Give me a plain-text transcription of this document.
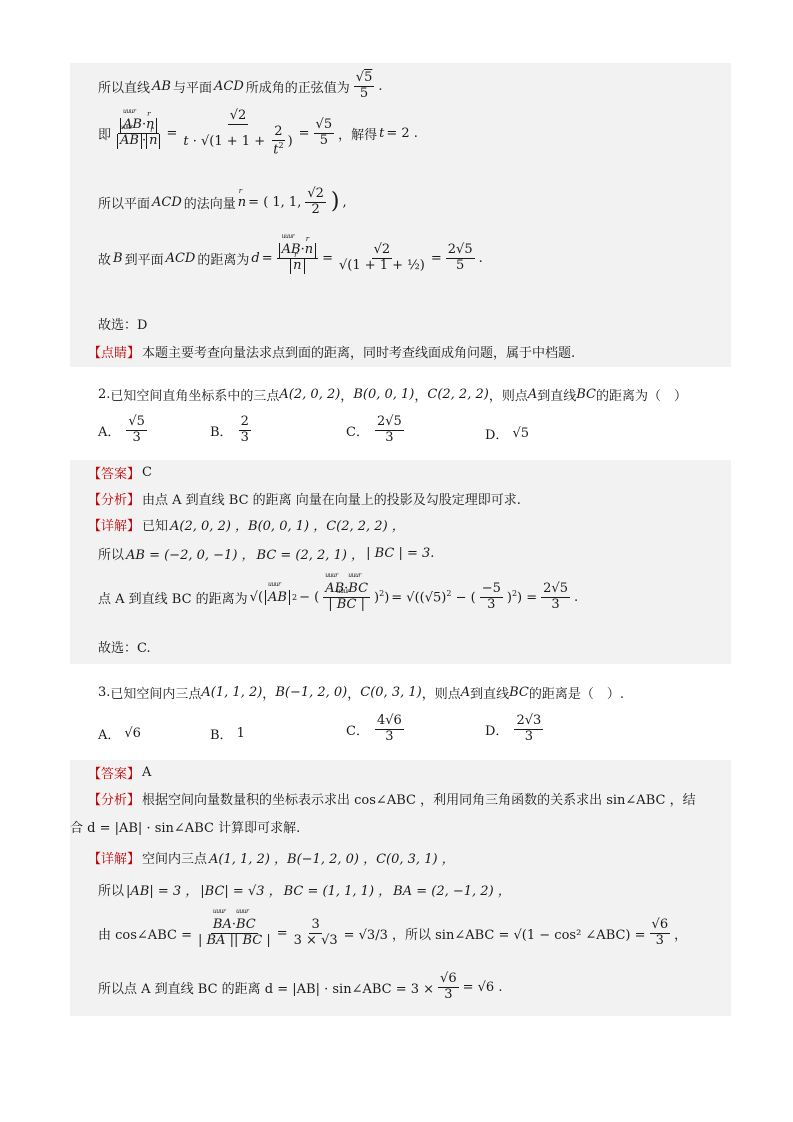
所以直线 AB 与平面 ACD 所成角的正弦值为 $\frac{√5}{5}$ .
即 uuur AB·r n
uuur AB · r $n = \frac{√2}{t \cdot √(1 + 1 + \frac{2}{t^2} )} = \frac{√5}{5}$ ，解得 t = 2 .
所以平面 ACD 的法向量 r n = ( 1, 1, $\frac{√2}{2}$ ) ,
故 B 到平面 ACD 的距离为 d = uuur AB·r n
r $n = \frac{√2}{\text{√(1 + 1 + ½)}} = \frac{2√5}{5}$ .
故选：D
【点睛】 本题主要考查向量法求点到面的距离，同时考查线面成角问题，属于中档题.
2. 已知空间直角坐标系中的三点 A(2, 0, 2) ， B(0, 0, 1) ， C(2, 2, 2) ，则点 A 到直线 BC 的距离为（　）
A． $\frac{√5}{3}$	B． $\frac{2}{3}$	C． $\frac{2√5}{3}$	D． √5
【答案】 C
【分析】 由点 A 到直线 BC 的距离 向量在向量上的投影及勾股定理即可求.
【详解】 已知 A(2, 0, 2) ，B(0, 0, 1) ，C(2, 2, 2) ，
所以 AB = (−2, 0, −1) ， BC = (2, 2, 1) ， | BC | = 3.
点 A 到直线 BC 的距离为 √( uuur AB 2 − ( uuur $\frac{\text{AB·uuur BC}}{\text{| uuur BC |}} )^2) = √((√5)^2$ − ( $\frac{-5}{3} )^2) = \frac{2√5}{3}$ .
故选：C.
3. 已知空间内三点 A(1, 1, 2) ， B(−1, 2, 0) ， C(0, 3, 1) ，则点 A 到直线 BC 的距离是（　）.
A． √6	B． 1	C． $\frac{4√6}{3}$	D． $\frac{2√3}{3}$
【答案】 A
【分析】 根据空间向量数量积的坐标表示求出 cos∠ABC ，利用同角三角函数的关系求出 sin∠ABC ，结
合 d = |AB| · sin∠ABC 计算即可求解.
【详解】 空间内三点 A(1, 1, 2) ，B(−1, 2, 0) ，C(0, 3, 1) ，
所以 |AB| = 3 ， |BC| = √3 ， BC = (1, 1, 1) ， BA = (2, −1, 2) ，
由 cos∠ABC = uuur $\frac{\text{BA·uuur BC}}{| BA || BC |} = \frac{3}{3 \times √3} = √3/3$ ，所以 sin∠ABC = √(1 − cos² ∠ABC) = $\frac{√6}{3}$ ，
所以点 A 到直线 BC 的距离 d = |AB| · sin∠ABC = $3 \times \frac{√6}{3} = √6$ .
